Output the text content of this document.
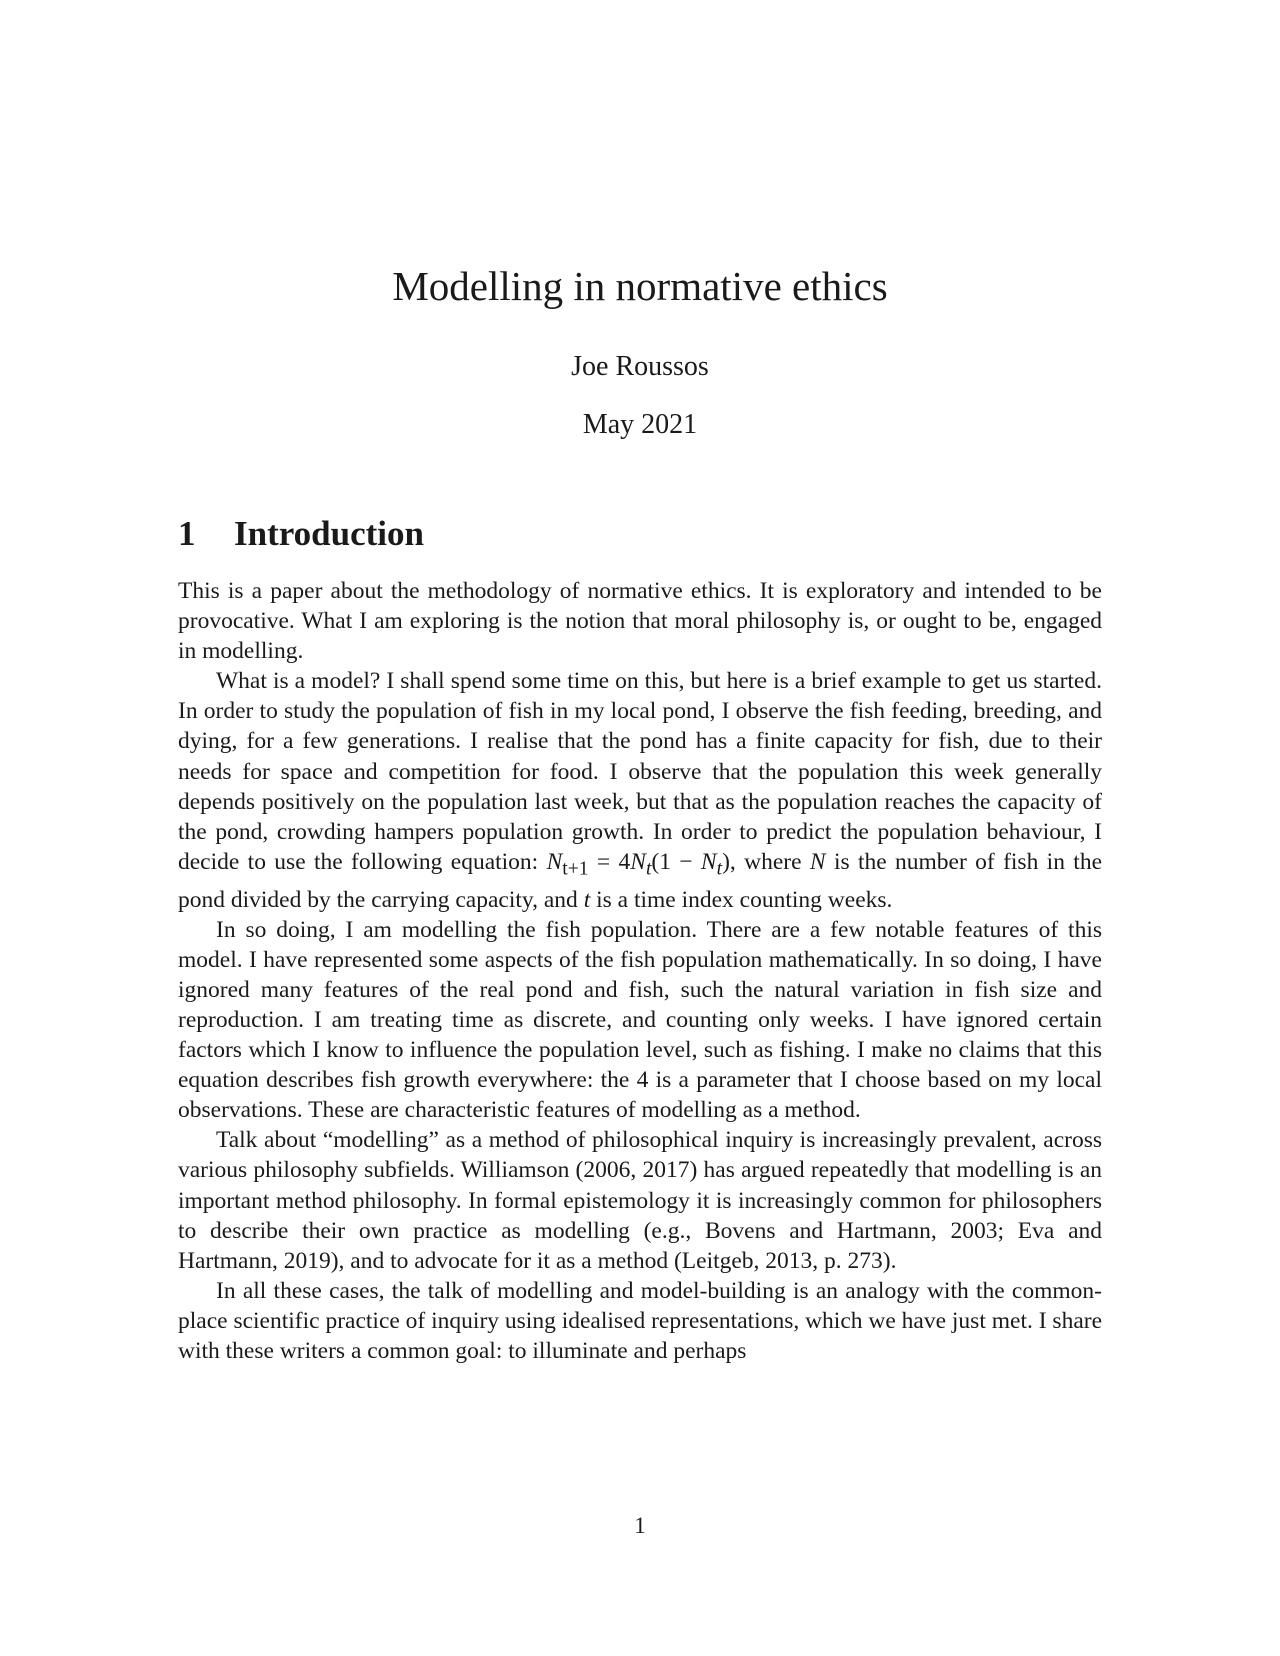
Modelling in normative ethics
Joe Roussos
May 2021
1 Introduction

This is a paper about the methodology of normative ethics. It is exploratory and intended to be provocative. What I am exploring is the notion that moral philosophy is, or ought to be, engaged in modelling.

What is a model? I shall spend some time on this, but here is a brief example to get us started. In order to study the population of fish in my local pond, I observe the fish feeding, breeding, and dying, for a few generations. I realise that the pond has a finite capacity for fish, due to their needs for space and competition for food. I observe that the population this week generally depends positively on the population last week, but that as the population reaches the capacity of the pond, crowding hampers population growth. In order to predict the population behaviour, I decide to use the following equation: $N_{t+1} = 4N_t(1 - N_t)$, where N is the number of fish in the pond divided by the carrying capacity, and t is a time index counting weeks.

In so doing, I am modelling the fish population. There are a few notable features of this model. I have represented some aspects of the fish population mathematically. In so doing, I have ignored many features of the real pond and fish, such the natural variation in fish size and reproduction. I am treating time as discrete, and counting only weeks. I have ignored certain factors which I know to influence the population level, such as fishing. I make no claims that this equation describes fish growth everywhere: the 4 is a parameter that I choose based on my local observations. These are characteristic features of modelling as a method.

Talk about “modelling” as a method of philosophical inquiry is increasingly prevalent, across various philosophy subfields. Williamson (2006, 2017) has argued repeatedly that modelling is an important method philosophy. In formal epistemology it is increasingly common for philosophers to describe their own practice as modelling (e.g., Bovens and Hartmann, 2003; Eva and Hartmann, 2019), and to advocate for it as a method (Leitgeb, 2013, p. 273).

In all these cases, the talk of modelling and model-building is an analogy with the common-place scientific practice of inquiry using idealised representations, which we have just met. I share with these writers a common goal: to illuminate and perhaps

1
